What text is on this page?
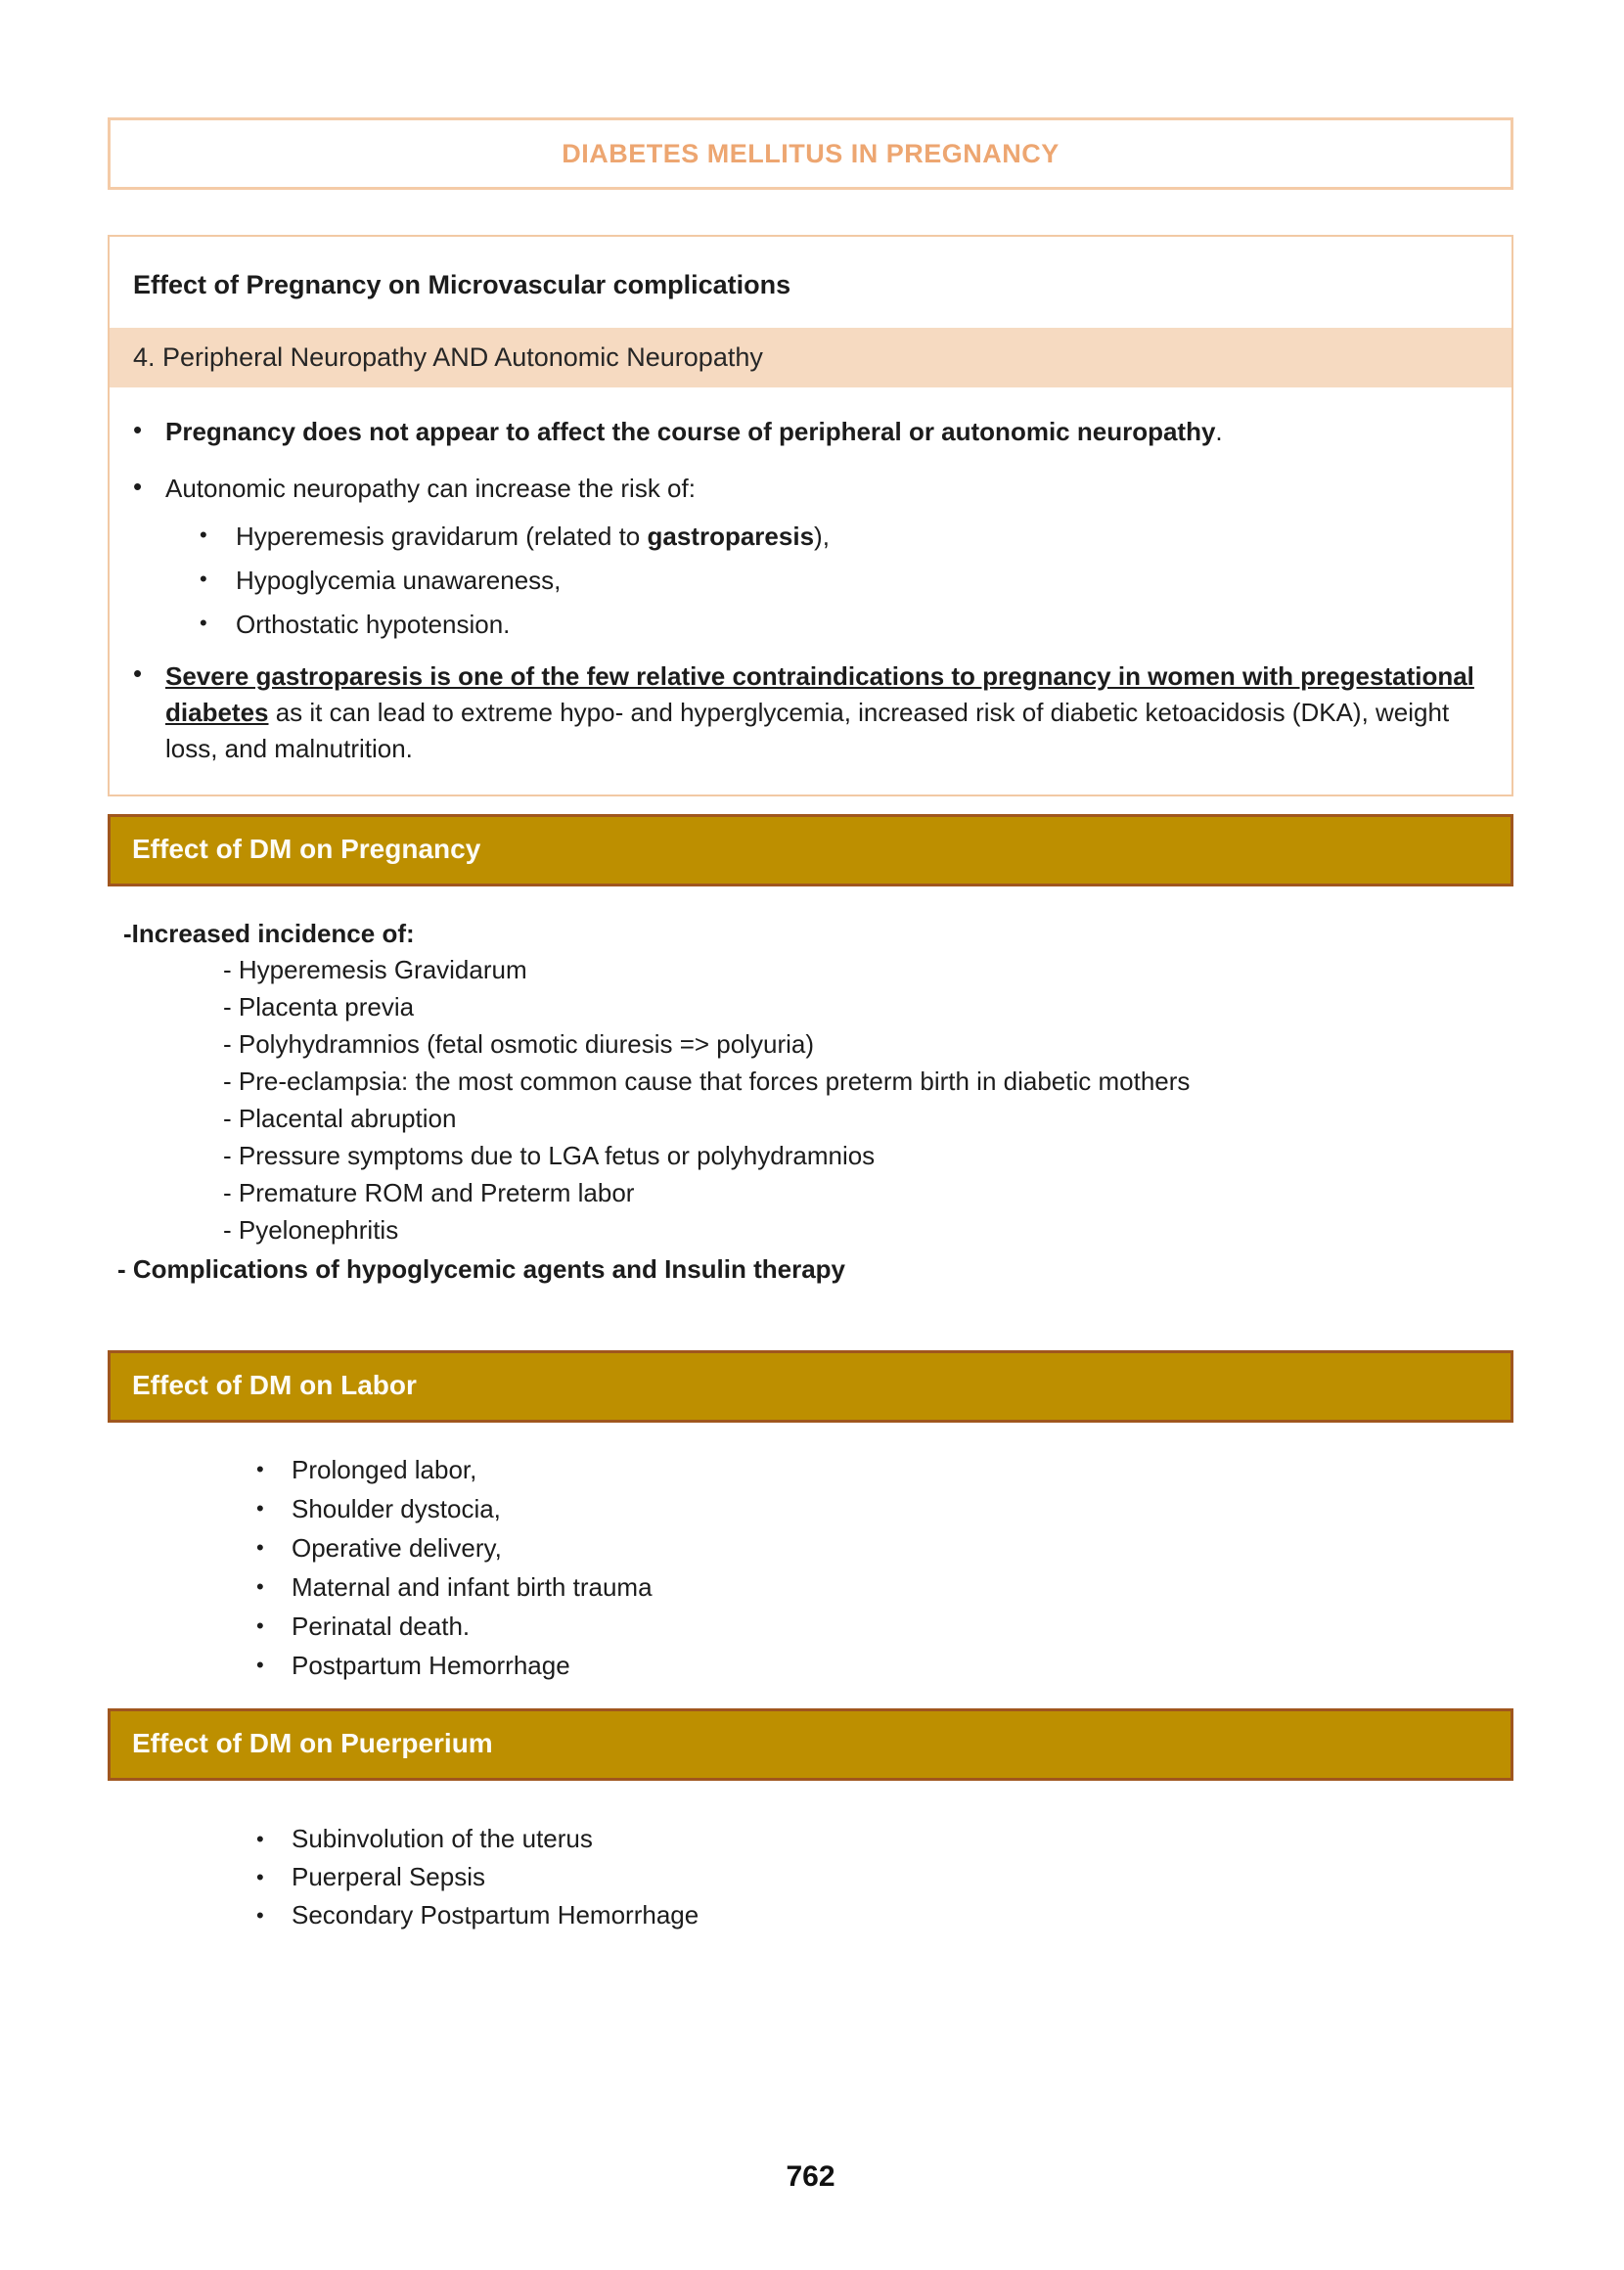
DIABETES MELLITUS IN PREGNANCY
Effect of Pregnancy on Microvascular complications
4. Peripheral Neuropathy AND Autonomic Neuropathy
• Pregnancy does not appear to affect the course of peripheral or autonomic neuropathy.
• Autonomic neuropathy can increase the risk of:
•	Hyperemesis gravidarum (related to gastroparesis),
•	Hypoglycemia unawareness,
•	Orthostatic hypotension.
• Severe gastroparesis is one of the few relative contraindications to pregnancy in women with pregestational diabetes as it can lead to extreme hypo- and hyperglycemia, increased risk of diabetic ketoacidosis (DKA), weight loss, and malnutrition.
Effect of DM on Pregnancy
-Increased incidence of:
- Hyperemesis Gravidarum
- Placenta previa
- Polyhydramnios (fetal osmotic diuresis => polyuria)
- Pre-eclampsia: the most common cause that forces preterm birth in diabetic mothers
- Placental abruption
- Pressure symptoms due to LGA fetus or polyhydramnios
- Premature ROM and Preterm labor
- Pyelonephritis
- Complications of hypoglycemic agents and Insulin therapy
Effect of DM on Labor
•	Prolonged labor,
•	Shoulder dystocia,
•	Operative delivery,
•	Maternal and infant birth trauma
•	Perinatal death.
•	Postpartum Hemorrhage
Effect of DM on Puerperium
•	Subinvolution of the uterus
•	Puerperal Sepsis
•	Secondary Postpartum Hemorrhage
762
